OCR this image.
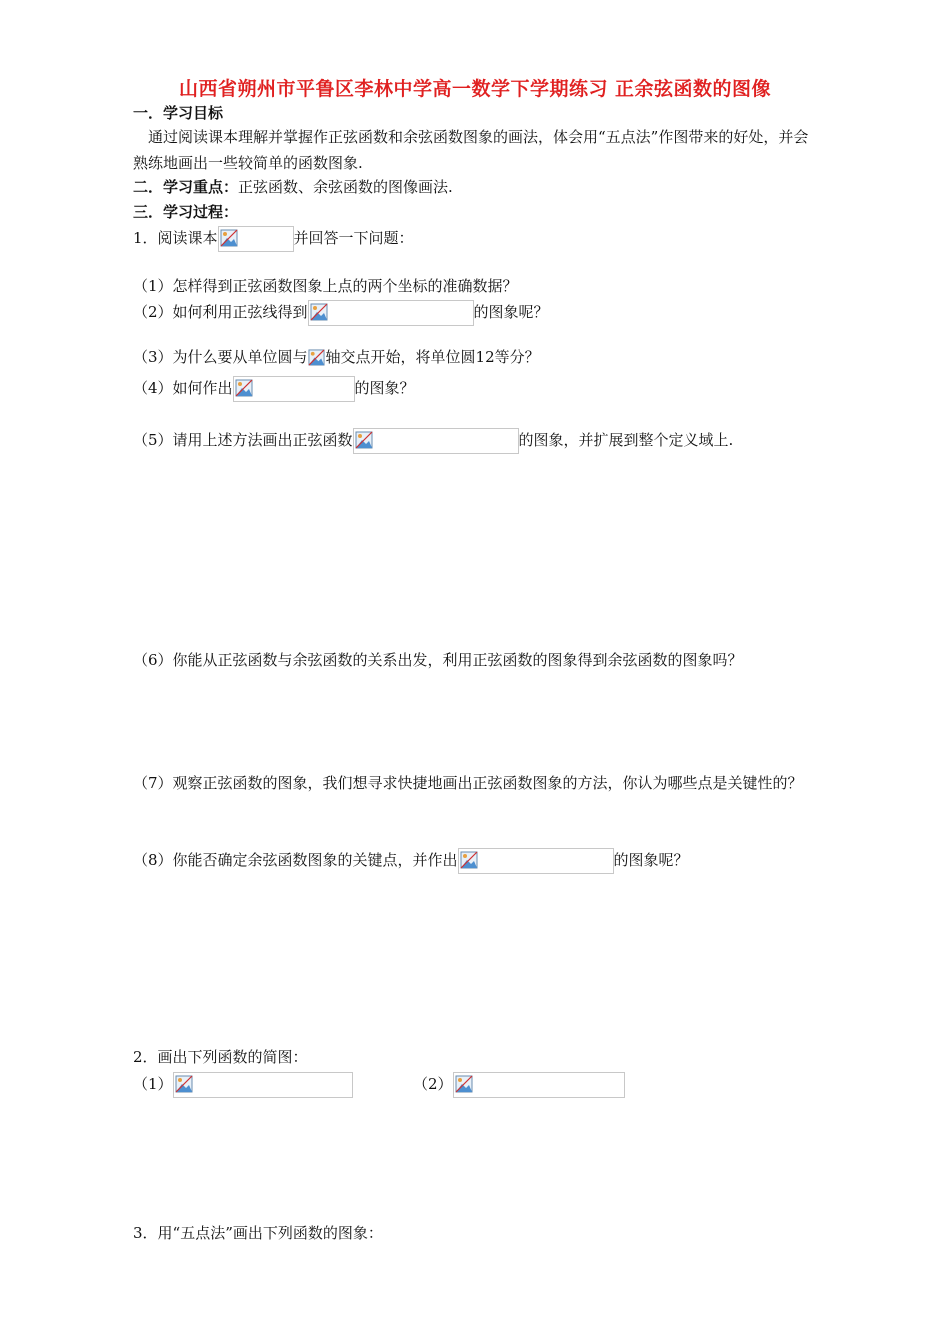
山西省朔州市平鲁区李林中学高一数学下学期练习 正余弦函数的图像
一．学习目标
通过阅读课本理解并掌握作正弦函数和余弦函数图象的画法，体会用“五点法”作图带来的好处，并会熟练地画出一些较简单的函数图象.
二．学习重点：正弦函数、余弦函数的图像画法.
三．学习过程：
1．阅读课本	并回答一下问题：
（1）怎样得到正弦函数图象上点的两个坐标的准确数据？
（2）如何利用正弦线得到	的图象呢？
（3）为什么要从单位圆与 轴交点开始，将单位圆12等分？
（4）如何作出	的图象？
（5）请用上述方法画出正弦函数	的图象，并扩展到整个定义域上.
（6）你能从正弦函数与余弦函数的关系出发，利用正弦函数的图象得到余弦函数的图象吗？
（7）观察正弦函数的图象，我们想寻求快捷地画出正弦函数图象的方法，你认为哪些点是关键性的？
（8）你能否确定余弦函数图象的关键点，并作出	的图象呢？
2．画出下列函数的简图：
（1）	（2）
3．用“五点法”画出下列函数的图象：
